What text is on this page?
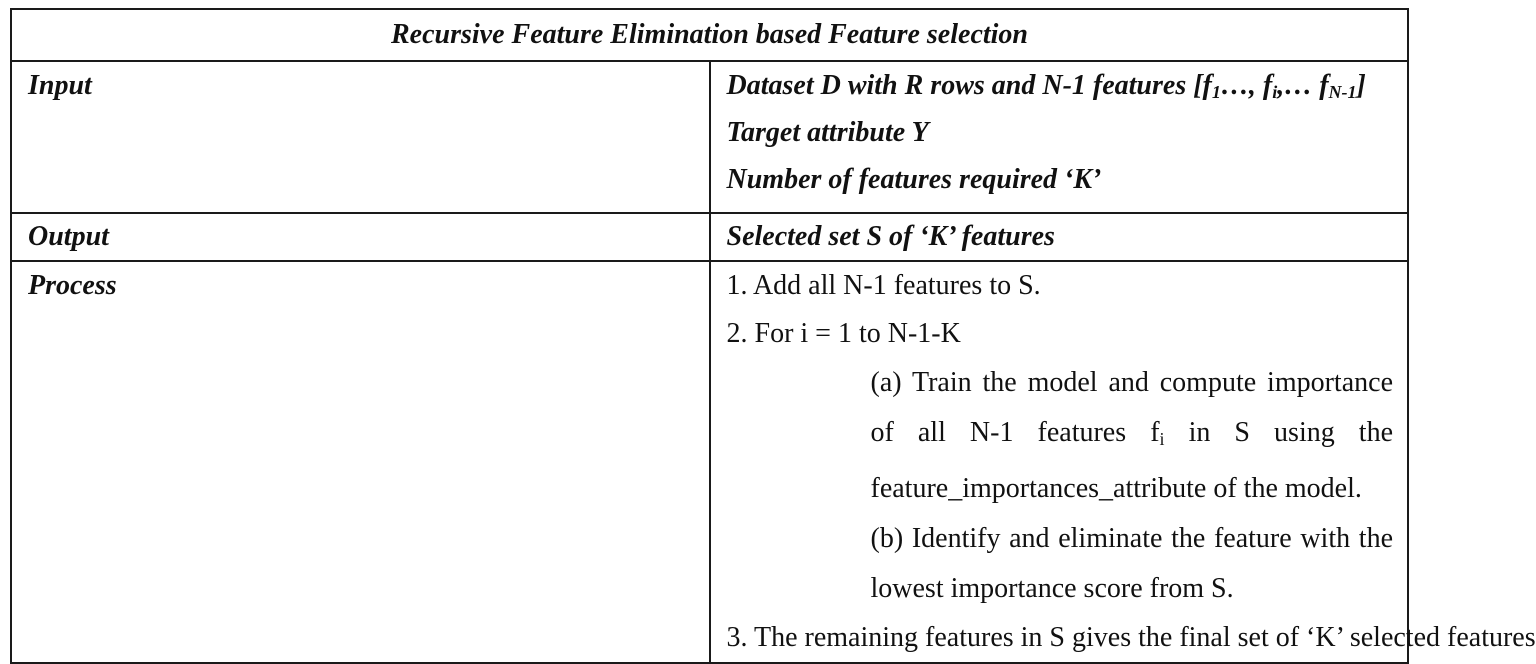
Recursive Feature Elimination based Feature selection	
Input	Dataset D with R rows and N-1 features [$f_1\dots$, $f_i,\dots$ $f_{N-1}$]
Target attribute Y
Number of features required ‘K’

Output	Selected set S of ‘K’ features

Process	1. Add all N-1 features to S.
2. For i = 1 to N-1-K
(a) Train the model and compute importance of all N-1 features $f_i$ in S using the feature_importances_attribute of the model.
(b) Identify and eliminate the feature with the lowest importance score from S.
3. The remaining features in S gives the final set of ‘K’ selected features
